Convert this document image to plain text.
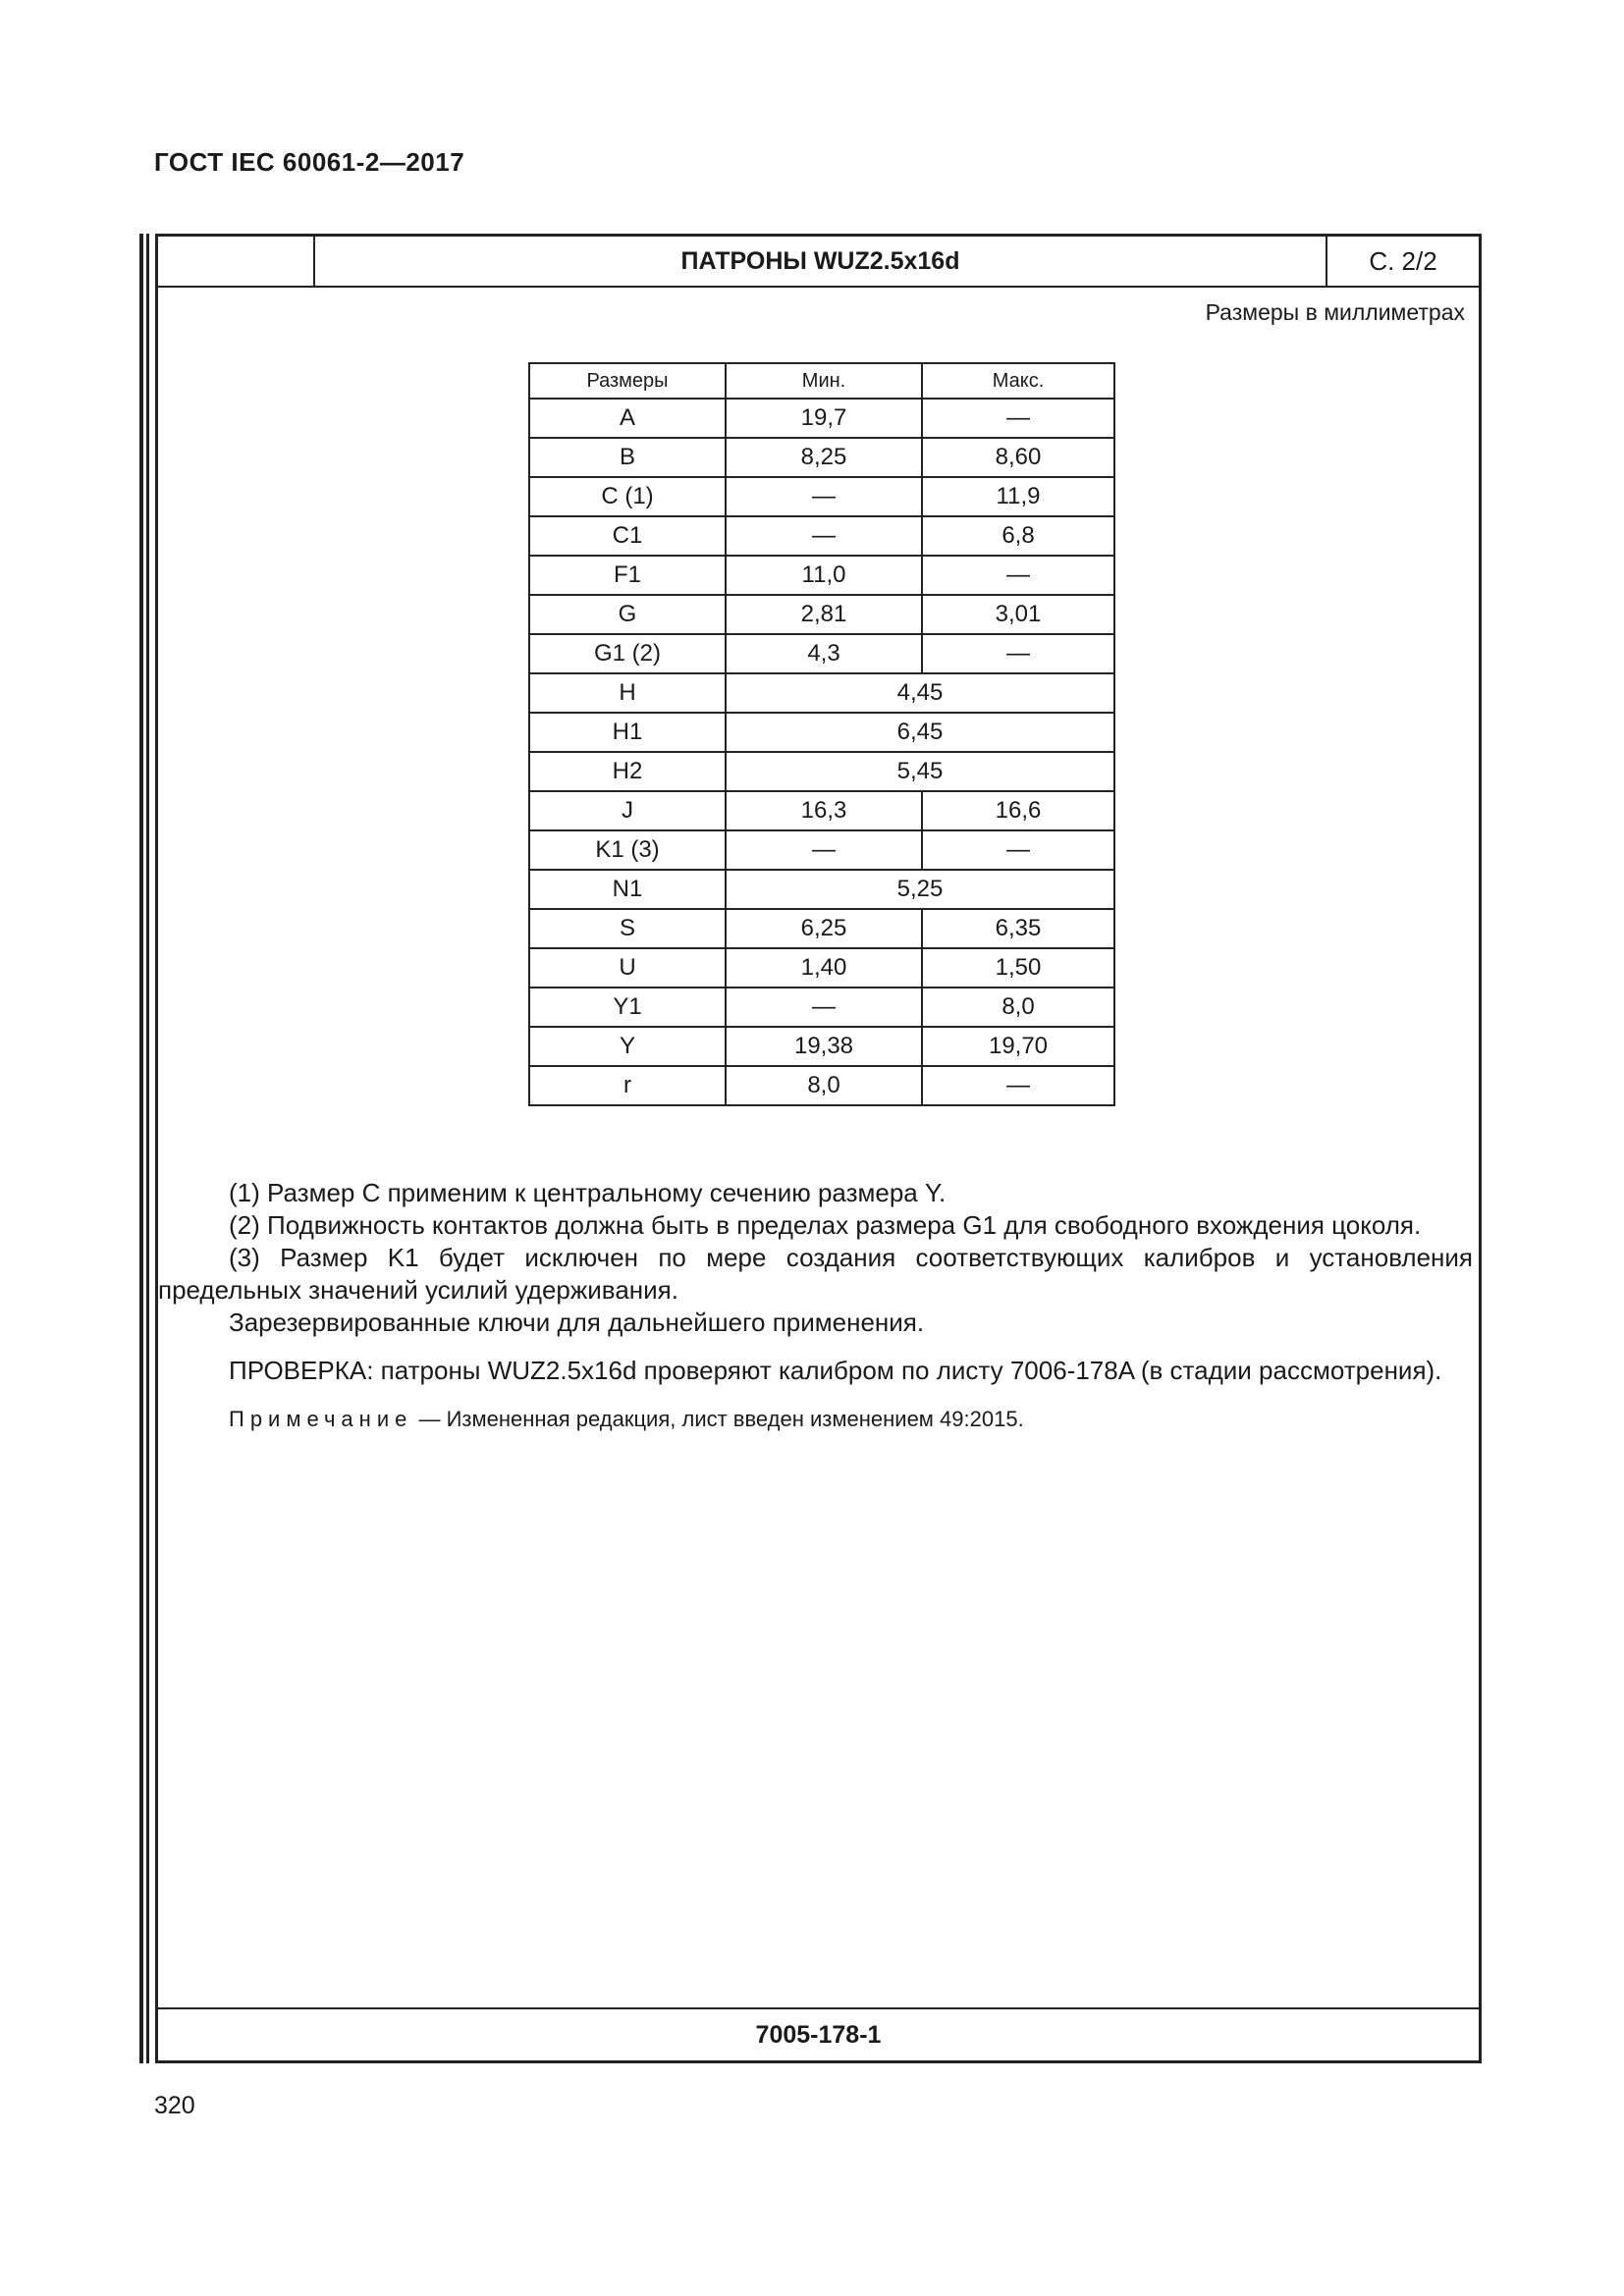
ГОСТ IEC 60061-2—2017
ПАТРОНЫ WUZ2.5x16d	С. 2/2
Размеры в миллиметрах
Размеры	Мин.	Макс.
A	19,7	—
B	8,25	8,60
C (1)	—	11,9
C1	—	6,8
F1	11,0	—
G	2,81	3,01
G1 (2)	4,3	—
H	4,45	
H1	6,45	
H2	5,45	
J	16,3	16,6
K1 (3)	—	—
N1	5,25	
S	6,25	6,35
U	1,40	1,50
Y1	—	8,0
Y	19,38	19,70
r	8,0	—

(1) Размер C применим к центральному сечению размера Y.

(2) Подвижность контактов должна быть в пределах размера G1 для свободного вхождения цоколя.

(3) Размер K1 будет исключен по мере создания соответствующих калибров и установления предельных значений усилий удерживания.

Зарезервированные ключи для дальнейшего применения.

ПРОВЕРКА: патроны WUZ2.5x16d проверяют калибром по листу 7006-178A (в стадии рассмотрения).

Примечание — Измененная редакция, лист введен изменением 49:2015.

7005-178-1
320
